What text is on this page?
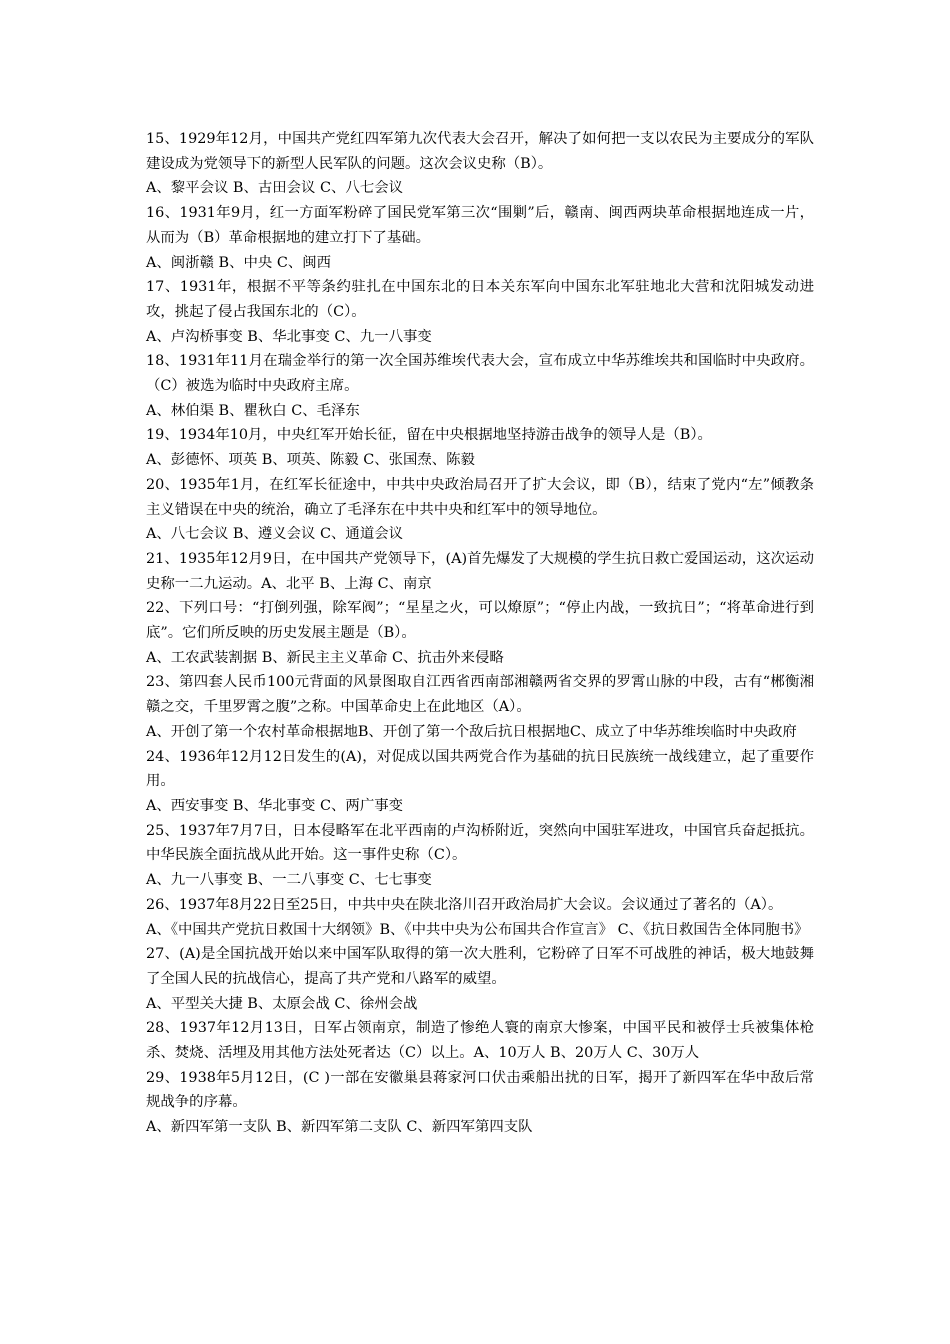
15、1929年12月，中国共产党红四军第九次代表大会召开，解决了如何把一支以农民为主要成分的军队建设成为党领导下的新型人民军队的问题。这次会议史称（B）。

A、黎平会议 B、古田会议 C、八七会议

16、1931年9月，红一方面军粉碎了国民党军第三次“围剿”后，赣南、闽西两块革命根据地连成一片，从而为（B）革命根据地的建立打下了基础。

A、闽浙赣 B、中央 C、闽西

17、1931年，根据不平等条约驻扎在中国东北的日本关东军向中国东北军驻地北大营和沈阳城发动进攻，挑起了侵占我国东北的（C）。

A、卢沟桥事变 B、华北事变 C、九一八事变

18、1931年11月在瑞金举行的第一次全国苏维埃代表大会，宣布成立中华苏维埃共和国临时中央政府。（C）被选为临时中央政府主席。

A、林伯渠 B、瞿秋白 C、毛泽东

19、1934年10月，中央红军开始长征，留在中央根据地坚持游击战争的领导人是（B）。

A、彭德怀、项英 B、项英、陈毅 C、张国焘、陈毅

20、1935年1月，在红军长征途中，中共中央政治局召开了扩大会议，即（B），结束了党内“左”倾教条主义错误在中央的统治，确立了毛泽东在中共中央和红军中的领导地位。

A、八七会议 B、遵义会议 C、通道会议

21、1935年12月9日，在中国共产党领导下，(A)首先爆发了大规模的学生抗日救亡爱国运动，这次运动史称一二九运动。A、北平 B、上海 C、南京

22、下列口号：“打倒列强，除军阀”；“星星之火，可以燎原”；“停止内战，一致抗日”；“将革命进行到底”。它们所反映的历史发展主题是（B）。

A、工农武装割据 B、新民主主义革命 C、抗击外来侵略

23、第四套人民币100元背面的风景图取自江西省西南部湘赣两省交界的罗霄山脉的中段，古有“郴衡湘赣之交，千里罗霄之腹”之称。中国革命史上在此地区（A）。

A、开创了第一个农村革命根据地B、开创了第一个敌后抗日根据地C、成立了中华苏维埃临时中央政府

24、1936年12月12日发生的(A)，对促成以国共两党合作为基础的抗日民族统一战线建立，起了重要作用。

A、西安事变 B、华北事变 C、两广事变

25、1937年7月7日，日本侵略军在北平西南的卢沟桥附近，突然向中国驻军进攻，中国官兵奋起抵抗。中华民族全面抗战从此开始。这一事件史称（C）。

A、九一八事变 B、一二八事变 C、七七事变

26、1937年8月22日至25日，中共中央在陕北洛川召开政治局扩大会议。会议通过了著名的（A）。

A、《中国共产党抗日救国十大纲领》B、《中共中央为公布国共合作宣言》 C、《抗日救国告全体同胞书》

27、(A)是全国抗战开始以来中国军队取得的第一次大胜利，它粉碎了日军不可战胜的神话，极大地鼓舞了全国人民的抗战信心，提高了共产党和八路军的威望。

A、平型关大捷 B、太原会战 C、徐州会战

28、1937年12月13日，日军占领南京，制造了惨绝人寰的南京大惨案，中国平民和被俘士兵被集体枪杀、焚烧、活埋及用其他方法处死者达（C）以上。A、10万人 B、20万人 C、30万人

29、1938年5月12日，(C )一部在安徽巢县蒋家河口伏击乘船出扰的日军，揭开了新四军在华中敌后常规战争的序幕。

A、新四军第一支队 B、新四军第二支队 C、新四军第四支队
